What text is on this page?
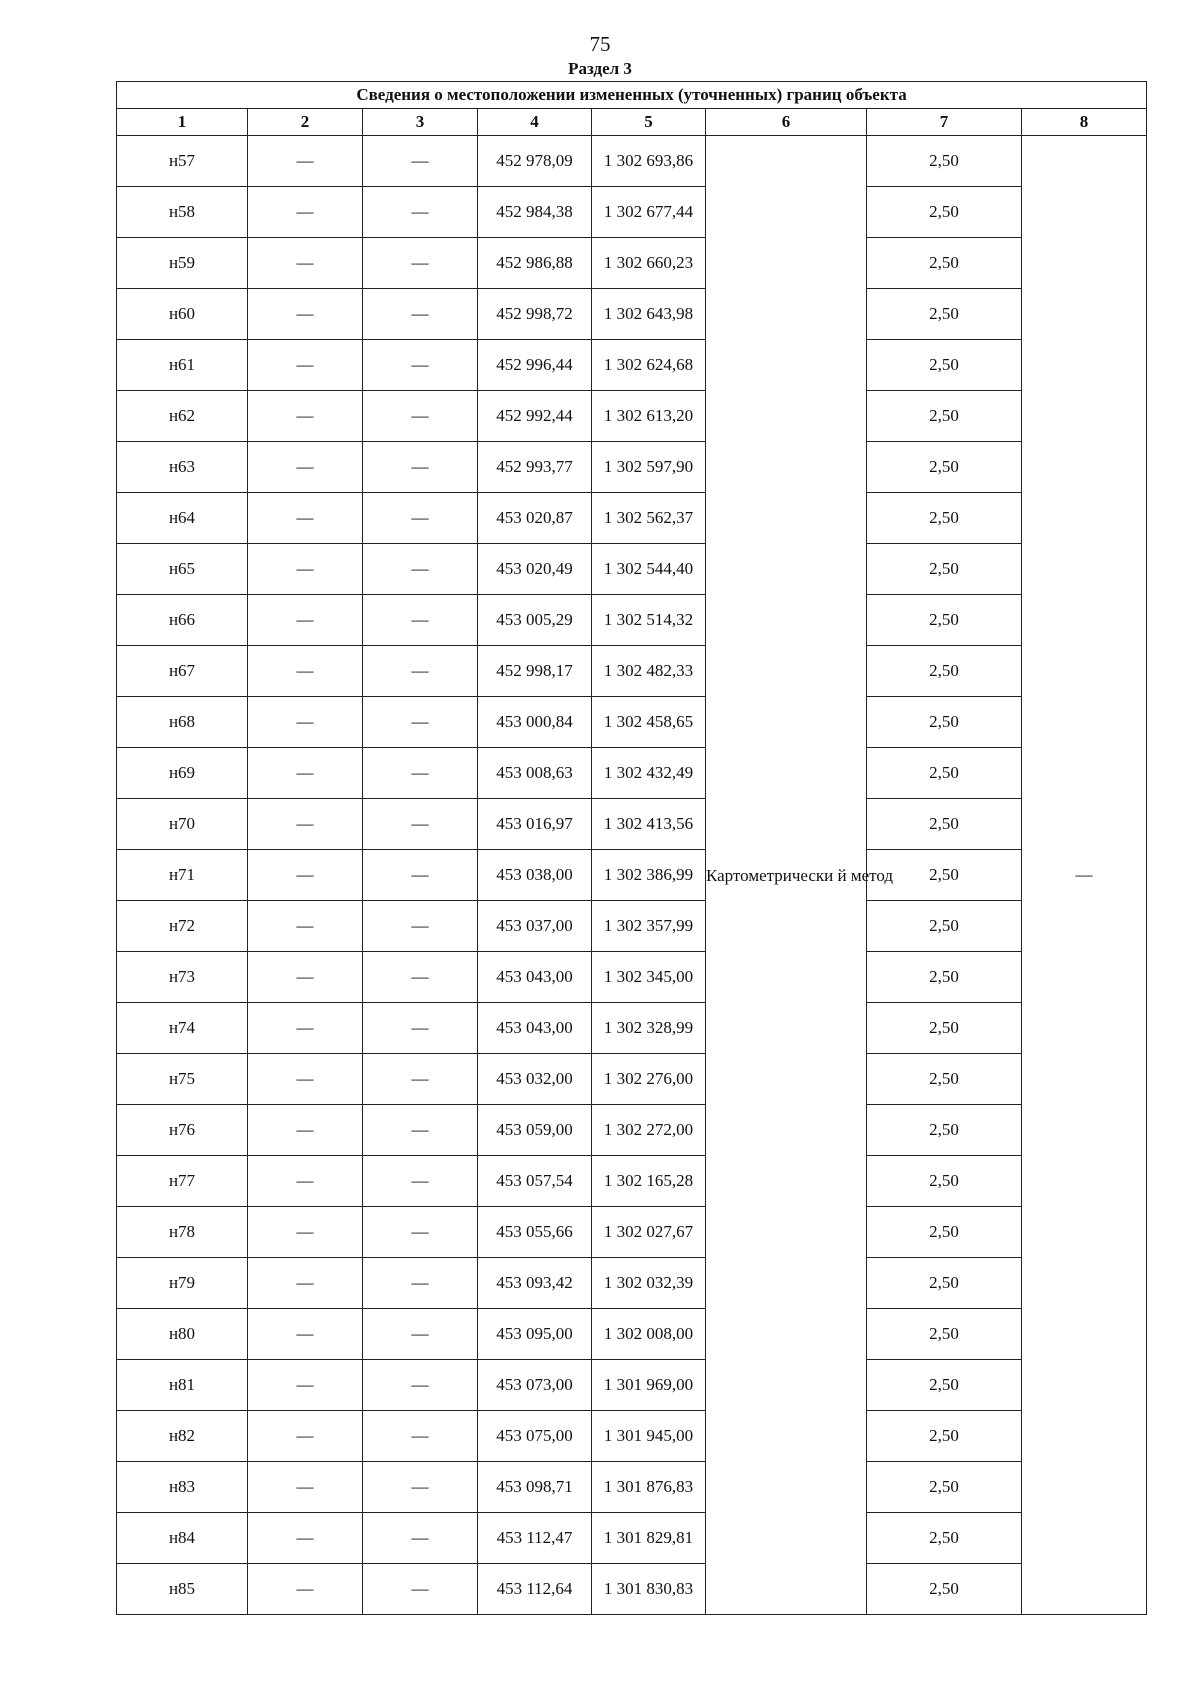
75
Раздел 3
Сведения о местоположении измененных (уточненных) границ объекта							
1	2	3	4	5	6	7	8
н57	—	—	452 978,09	1 302 693,86	Картометрически й метод	2,50	—
н58	—	—	452 984,38	1 302 677,44		2,50	
н59	—	—	452 986,88	1 302 660,23		2,50	
н60	—	—	452 998,72	1 302 643,98		2,50	
н61	—	—	452 996,44	1 302 624,68		2,50	
н62	—	—	452 992,44	1 302 613,20		2,50	
н63	—	—	452 993,77	1 302 597,90		2,50	
н64	—	—	453 020,87	1 302 562,37		2,50	
н65	—	—	453 020,49	1 302 544,40		2,50	
н66	—	—	453 005,29	1 302 514,32		2,50	
н67	—	—	452 998,17	1 302 482,33		2,50	
н68	—	—	453 000,84	1 302 458,65		2,50	
н69	—	—	453 008,63	1 302 432,49		2,50	
н70	—	—	453 016,97	1 302 413,56		2,50	
н71	—	—	453 038,00	1 302 386,99		2,50	
н72	—	—	453 037,00	1 302 357,99		2,50	
н73	—	—	453 043,00	1 302 345,00		2,50	
н74	—	—	453 043,00	1 302 328,99		2,50	
н75	—	—	453 032,00	1 302 276,00		2,50	
н76	—	—	453 059,00	1 302 272,00		2,50	
н77	—	—	453 057,54	1 302 165,28		2,50	
н78	—	—	453 055,66	1 302 027,67		2,50	
н79	—	—	453 093,42	1 302 032,39		2,50	
н80	—	—	453 095,00	1 302 008,00		2,50	
н81	—	—	453 073,00	1 301 969,00		2,50	
н82	—	—	453 075,00	1 301 945,00		2,50	
н83	—	—	453 098,71	1 301 876,83		2,50	
н84	—	—	453 112,47	1 301 829,81		2,50	
н85	—	—	453 112,64	1 301 830,83		2,50	
